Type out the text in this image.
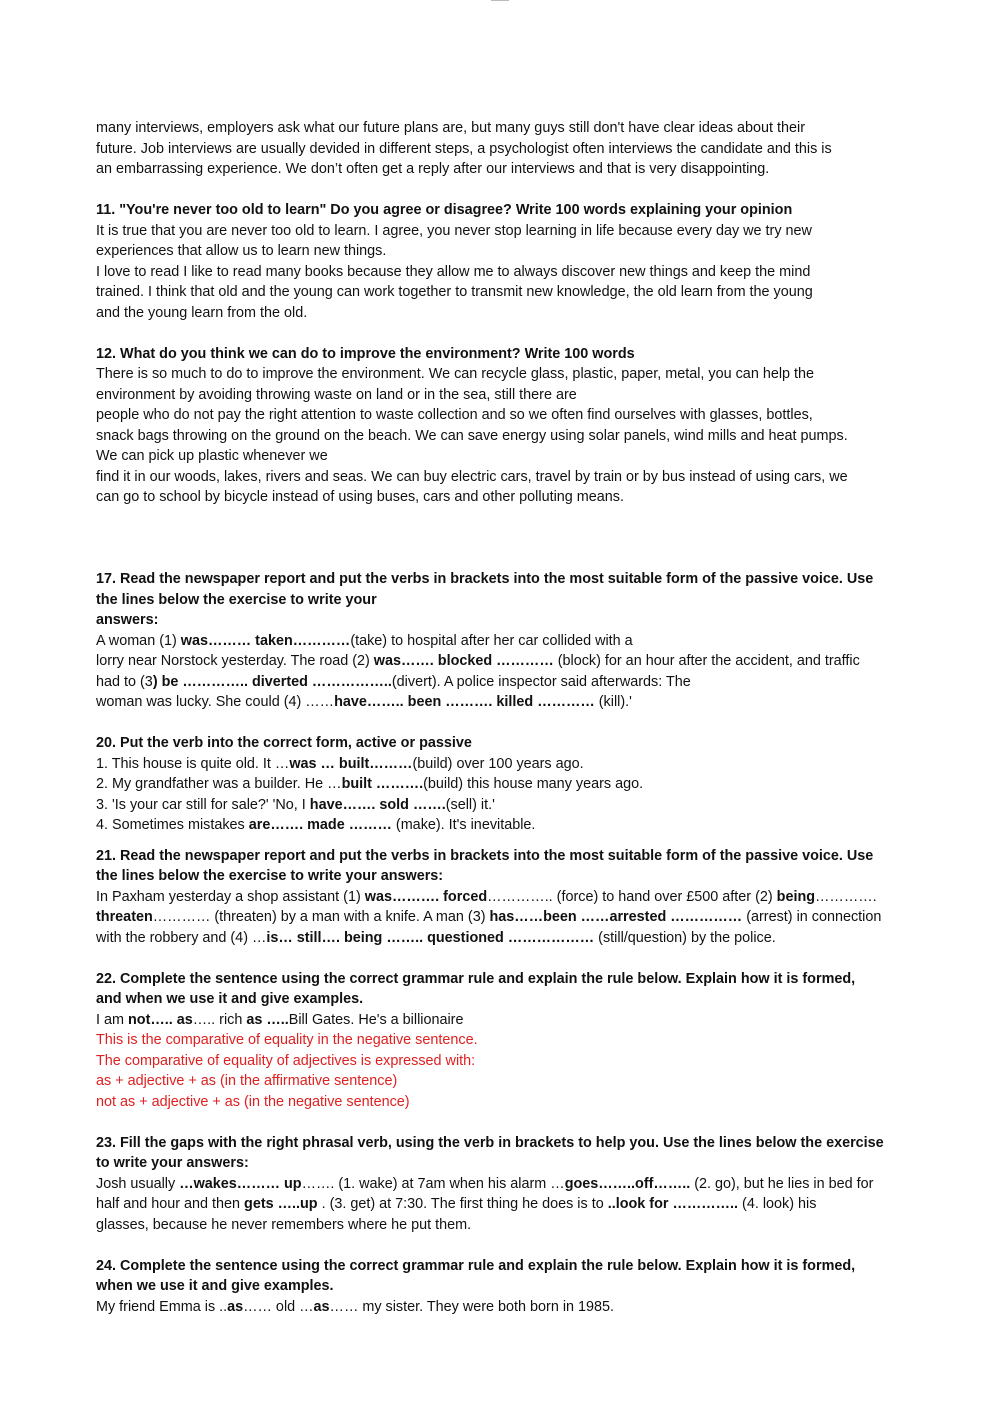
many interviews, employers ask what our future plans are, but many guys still don't have clear ideas about their

future. Job interviews are usually devided in different steps, a psychologist often interviews the candidate and this is

an embarrassing experience. We don’t often get a reply after our interviews and that is very disappointing.

11. "You're never too old to learn" Do you agree or disagree? Write 100 words explaining your opinion

It is true that you are never too old to learn. I agree, you never stop learning in life because every day we try new

experiences that allow us to learn new things.

I love to read I like to read many books because they allow me to always discover new things and keep the mind

trained. I think that old and the young can work together to transmit new knowledge, the old learn from the young

and the young learn from the old.

12. What do you think we can do to improve the environment? Write 100 words

There is so much to do to improve the environment. We can recycle glass, plastic, paper, metal, you can help the

environment by avoiding throwing waste on land or in the sea, still there are

people who do not pay the right attention to waste collection and so we often find ourselves with glasses, bottles,

snack bags throwing on the ground on the beach. We can save energy using solar panels, wind mills and heat pumps.

We can pick up plastic whenever we

find it in our woods, lakes, rivers and seas. We can buy electric cars, travel by train or by bus instead of using cars, we

can go to school by bicycle instead of using buses, cars and other polluting means.

17. Read the newspaper report and put the verbs in brackets into the most suitable form of the passive voice. Use

the lines below the exercise to write your

answers:

A woman (1) was……… taken…………(take) to hospital after her car collided with a

lorry near Norstock yesterday. The road (2) was……. blocked ………… (block) for an hour after the accident, and traffic

had to (3) be ………….. diverted ……………..(divert). A police inspector said afterwards: The

woman was lucky. She could (4) ……have…….. been ………. killed ………… (kill).'

20. Put the verb into the correct form, active or passive

1. This house is quite old. It …was … built………(build) over 100 years ago.

2. My grandfather was a builder. He …built ……….(build) this house many years ago.

3. 'Is your car still for sale?' 'No, I have……. sold …….(sell) it.'

4. Sometimes mistakes are……. made ……… (make). It's inevitable.

21. Read the newspaper report and put the verbs in brackets into the most suitable form of the passive voice. Use

the lines below the exercise to write your answers:

In Paxham yesterday a shop assistant (1) was………. forced………….. (force) to hand over £500 after (2) being………….

threaten………… (threaten) by a man with a knife. A man (3) has……been ……arrested …………… (arrest) in connection

with the robbery and (4) …is… still…. being …….. questioned ……………… (still/question) by the police.

22. Complete the sentence using the correct grammar rule and explain the rule below. Explain how it is formed,

and when we use it and give examples.

I am not….. as….. rich as …..Bill Gates. He's a billionaire

This is the comparative of equality in the negative sentence.

The comparative of equality of adjectives is expressed with:

as + adjective + as (in the affirmative sentence)

not as + adjective + as (in the negative sentence)

23. Fill the gaps with the right phrasal verb, using the verb in brackets to help you. Use the lines below the exercise

to write your answers:

Josh usually …wakes……… up……. (1. wake) at 7am when his alarm …goes……..off…….. (2. go), but he lies in bed for

half and hour and then gets …..up . (3. get) at 7:30. The first thing he does is to ..look for ………….. (4. look) his

glasses, because he never remembers where he put them.

24. Complete the sentence using the correct grammar rule and explain the rule below. Explain how it is formed,

when we use it and give examples.

My friend Emma is ..as…… old …as…… my sister. They were both born in 1985.
